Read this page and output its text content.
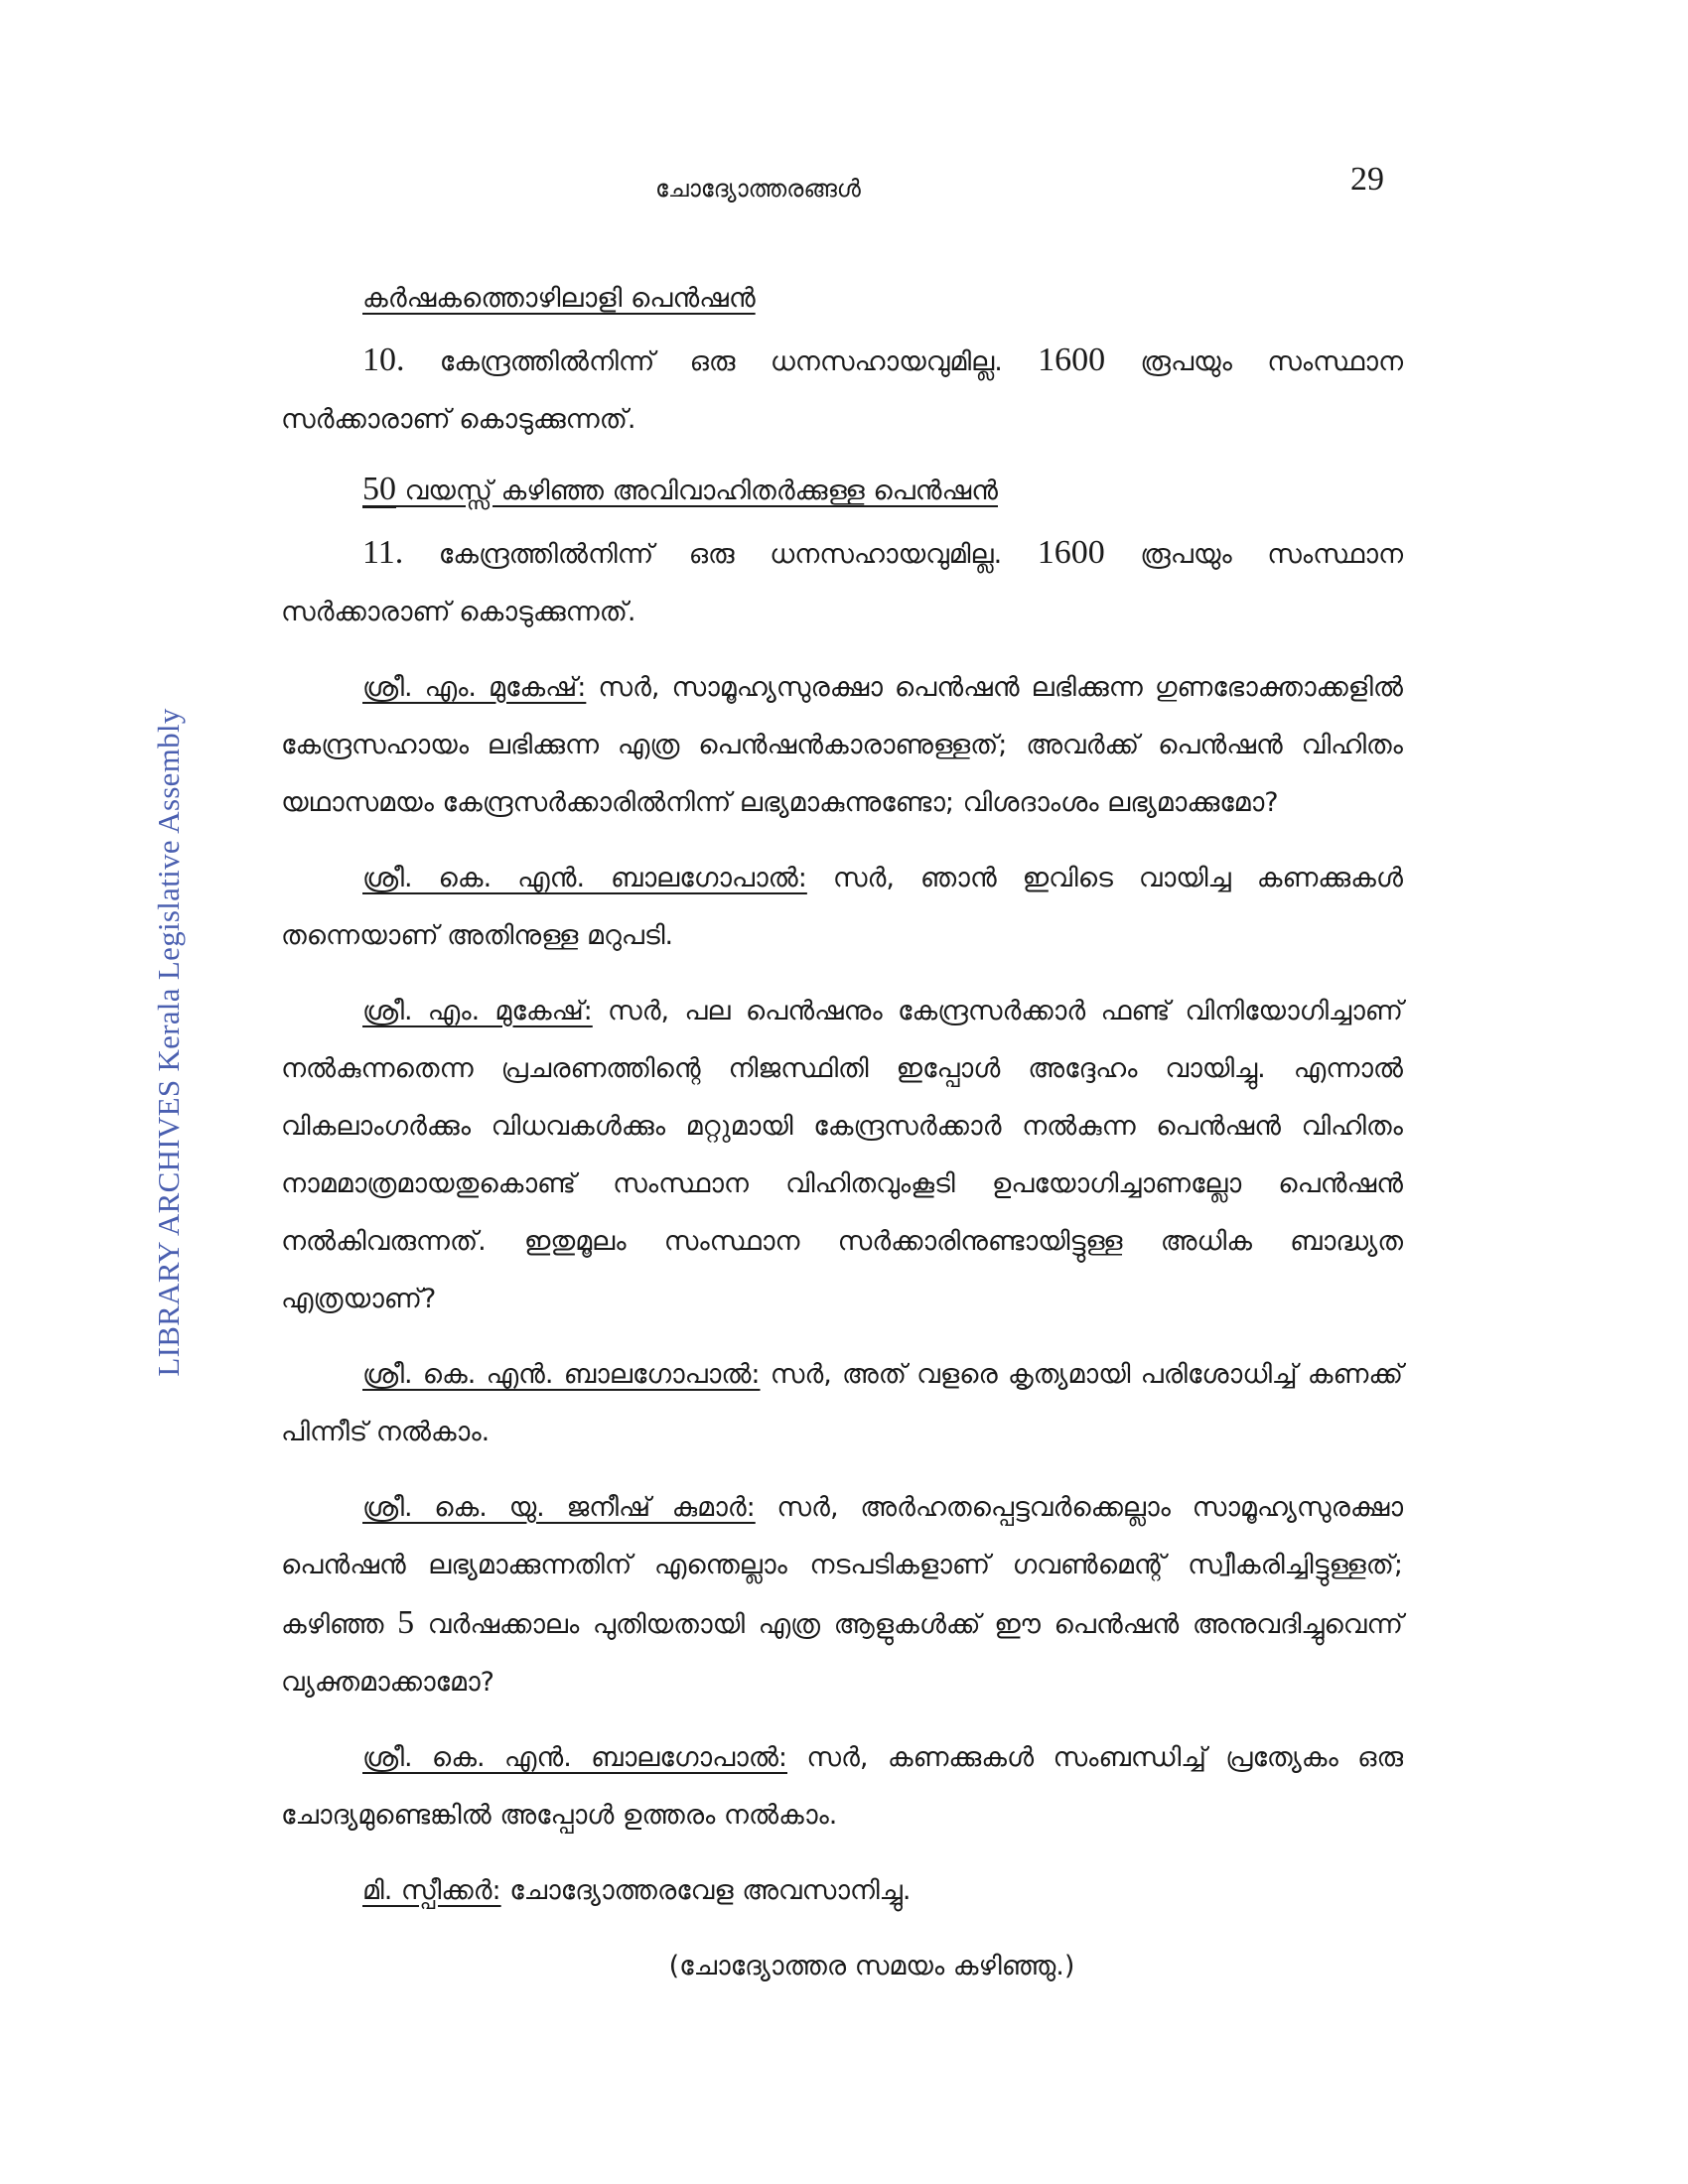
ചോദ്യോത്തരങ്ങൾ	29
LIBRARY ARCHIVES Kerala Legislative Assembly
കർഷകത്തൊഴിലാളി പെൻഷൻ

10. കേന്ദ്രത്തിൽനിന്ന് ഒരു ധനസഹായവുമില്ല. 1600 രൂപയും സംസ്ഥാന സർക്കാരാണ് കൊടുക്കുന്നത്.

50 വയസ്സ് കഴിഞ്ഞ അവിവാഹിതർക്കുള്ള പെൻഷൻ

11. കേന്ദ്രത്തിൽനിന്ന് ഒരു ധനസഹായവുമില്ല. 1600 രൂപയും സംസ്ഥാന സർക്കാരാണ് കൊടുക്കുന്നത്.

ശ്രീ. എം. മുകേഷ്: സർ, സാമൂഹ്യസുരക്ഷാ പെൻഷൻ ലഭിക്കുന്ന ഗുണഭോക്താക്കളിൽ കേന്ദ്രസഹായം ലഭിക്കുന്ന എത്ര പെൻഷൻകാരാണുള്ളത്; അവർക്ക് പെൻഷൻ വിഹിതം യഥാസമയം കേന്ദ്രസർക്കാരിൽനിന്ന് ലഭ്യമാകുന്നുണ്ടോ; വിശദാംശം ലഭ്യമാക്കുമോ?

ശ്രീ. കെ. എൻ. ബാലഗോപാൽ: സർ, ഞാൻ ഇവിടെ വായിച്ച കണക്കുകൾ തന്നെയാണ് അതിനുള്ള മറുപടി.

ശ്രീ. എം. മുകേഷ്: സർ, പല പെൻഷനും കേന്ദ്രസർക്കാർ ഫണ്ട് വിനിയോഗിച്ചാണ് നൽകുന്നതെന്ന പ്രചരണത്തിന്റെ നിജസ്ഥിതി ഇപ്പോൾ അദ്ദേഹം വായിച്ചു. എന്നാൽ വികലാംഗർക്കും വിധവകൾക്കും മറ്റുമായി കേന്ദ്രസർക്കാർ നൽകുന്ന പെൻഷൻ വിഹിതം നാമമാത്രമായതുകൊണ്ട് സംസ്ഥാന വിഹിതവുംകൂടി ഉപയോഗിച്ചാണല്ലോ പെൻഷൻ നൽകിവരുന്നത്. ഇതുമൂലം സംസ്ഥാന സർക്കാരിനുണ്ടായിട്ടുള്ള അധിക ബാദ്ധ്യത എത്രയാണ്?

ശ്രീ. കെ. എൻ. ബാലഗോപാൽ: സർ, അത് വളരെ കൃത്യമായി പരിശോധിച്ച് കണക്ക് പിന്നീട് നൽകാം.

ശ്രീ. കെ. യു. ജനീഷ് കുമാർ: സർ, അർഹതപ്പെട്ടവർക്കെല്ലാം സാമൂഹ്യസുരക്ഷാ പെൻഷൻ ലഭ്യമാക്കുന്നതിന് എന്തെല്ലാം നടപടികളാണ് ഗവൺമെന്റ് സ്വീകരിച്ചിട്ടുള്ളത്; കഴിഞ്ഞ 5 വർഷക്കാലം പുതിയതായി എത്ര ആളുകൾക്ക് ഈ പെൻഷൻ അനുവദിച്ചുവെന്ന് വ്യക്തമാക്കാമോ?

ശ്രീ. കെ. എൻ. ബാലഗോപാൽ: സർ, കണക്കുകൾ സംബന്ധിച്ച് പ്രത്യേകം ഒരു ചോദ്യമുണ്ടെങ്കിൽ അപ്പോൾ ഉത്തരം നൽകാം.

മി. സ്പീക്കർ: ചോദ്യോത്തരവേള അവസാനിച്ചു.

(ചോദ്യോത്തര സമയം കഴിഞ്ഞു.)
